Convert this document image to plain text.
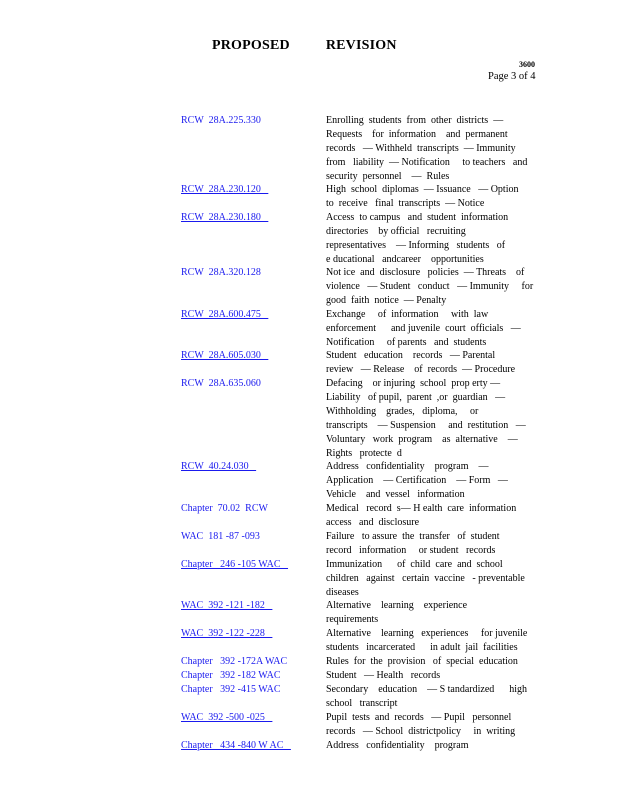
PROPOSED	REVISION
3600
Page 3 of 4
RCW  28A.225.330	Enrolling  students  from  other  districts  —
Requests    for  information    and  permanent
records   — Withheld  transcripts  — Immunity
from   liability  — Notification     to teachers   and
security  personnel    —  Rules
RCW  28A.230.120	High  school  diplomas  — Issuance   — Option
to  receive   final  transcripts  — Notice
RCW  28A.230.180	Access  to campus   and  student  information
directories    by official   recruiting
representatives    — Informing   students   of
e ducational   andcareer    opportunities
RCW  28A.320.128	Not ice  and  disclosure   policies  — Threats    of
violence   — Student   conduct   — Immunity     for
good  faith  notice  — Penalty
RCW  28A.600.475	Exchange     of  information     with  law
enforcement      and juvenile  court  officials   —
Notification     of parents   and  students
RCW  28A.605.030	Student   education    records   — Parental
review   — Release    of  records  — Procedure
RCW  28A.635.060	Defacing    or injuring  school  prop erty —
Liability   of pupil,  parent  ,or  guardian   —
Withholding    grades,   diploma,     or
transcripts    — Suspension     and  restitution   —
Voluntary   work  program    as  alternative    —
Rights   protecte  d
RCW  40.24.030	Address   confidentiality    program    —
Application    — Certification    — Form   —
Vehicle    and  vessel   information
Chapter  70.02  RCW	Medical   record  s— H ealth  care  information
access   and  disclosure
WAC  181 -87 -093	Failure   to assure  the  transfer   of  student
record   information     or student   records
Chapter   246 -105 WAC	Immunization      of  child  care  and  school
children   against   certain  vaccine   - preventable
diseases
WAC  392 -121 -182	Alternative    learning    experience
requirements
WAC  392 -122 -228	Alternative    learning   experiences     for juvenile
students   incarcerated      in adult  jail  facilities
Chapter   392 -172A WAC	Rules  for  the  provision   of  special  education
Chapter   392 -182 WAC	Student   — Health   records
Chapter   392 -415 WAC	Secondary    education    — S tandardized      high
school   transcript
WAC  392 -500 -025	Pupil  tests  and  records   — Pupil   personnel
records   — School  districtpolicy     in  writing
Chapter   434 -840 W AC	Address   confidentiality    program
